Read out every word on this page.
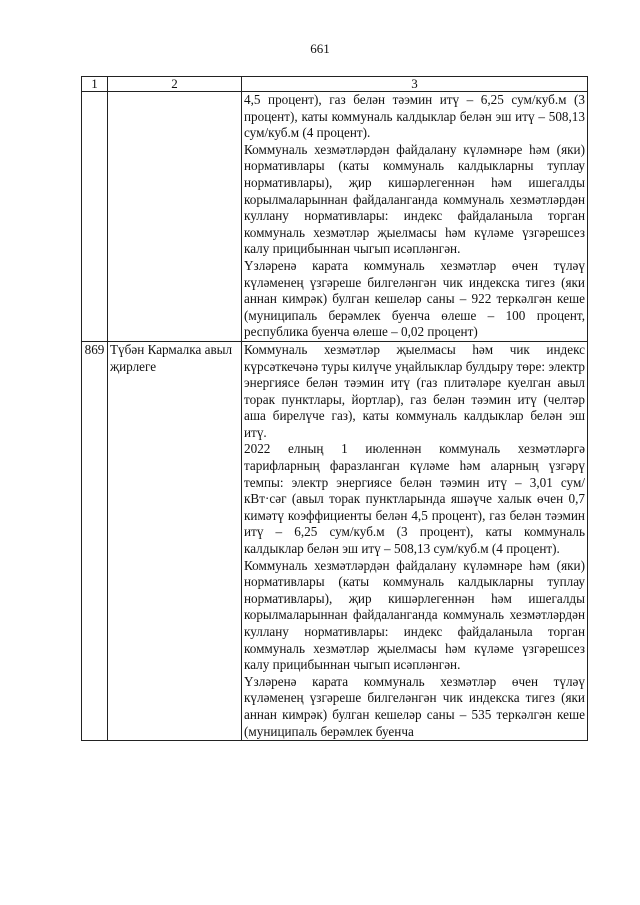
661
1	2	3

		4,5 процент), газ белән тәэмин итү – 6,25 сум/куб.м (3 процент), каты коммуналь калдыклар белән эш итү – 508,13 сум/куб.м (4 процент).
Коммуналь хезмәтләрдән файдалану күләмнәре һәм (яки) нормативлары (каты коммуналь калдыкларны туплау нормативлары), җир кишәрлегеннән һәм ишегалды корылмаларыннан файдаланганда коммуналь хезмәтләрдән куллану нормативлары: индекс файдаланыла торган коммуналь хезмәтләр җыелмасы һәм күләме үзгәрешсез калу прицибыннан чыгып исәпләнгән.
Үзләренә карата коммуналь хезмәтләр өчен түләү күләменең үзгәреше билгеләнгән чик индекска тигез (яки аннан кимрәк) булган кешеләр саны – 922 теркәлгән кеше (муниципаль берәмлек буенча өлеше – 100 процент, республика буенча өлеше – 0,02 процент)

869	Түбән Кармалка авыл җирлеге	Коммуналь хезмәтләр җыелмасы һәм чик индекс күрсәткечәнә туры килүче уңайлыклар булдыру төре: электр энергиясе белән тәэмин итү (газ плитәләре куелган авыл торак пунктлары, йортлар), газ белән тәэмин итү (челтәр аша бирелүче газ), каты коммуналь калдыклар белән эш итү.
2022 елның 1 июленнән коммуналь хезмәтләргә тарифларның фаразланган күләме һәм аларның үзгәрү темпы: электр энергиясе белән тәэмин итү – 3,01 сум/кВт·сәг (авыл торак пунктларында яшәүче халык өчен 0,7 кимәтү коэффициенты белән 4,5 процент), газ белән тәэмин итү – 6,25 сум/куб.м (3 процент), каты коммуналь калдыклар белән эш итү – 508,13 сум/куб.м (4 процент).
Коммуналь хезмәтләрдән файдалану күләмнәре һәм (яки) нормативлары (каты коммуналь калдыкларны туплау нормативлары), җир кишәрлегеннән һәм ишегалды корылмаларыннан файдаланганда коммуналь хезмәтләрдән куллану нормативлары: индекс файдаланыла торган коммуналь хезмәтләр җыелмасы һәм күләме үзгәрешсез калу прицибыннан чыгып исәпләнгән.
Үзләренә карата коммуналь хезмәтләр өчен түләү күләменең үзгәреше билгеләнгән чик индекска тигез (яки аннан кимрәк) булган кешеләр саны – 535 теркәлгән кеше (муниципаль берәмлек буенча
